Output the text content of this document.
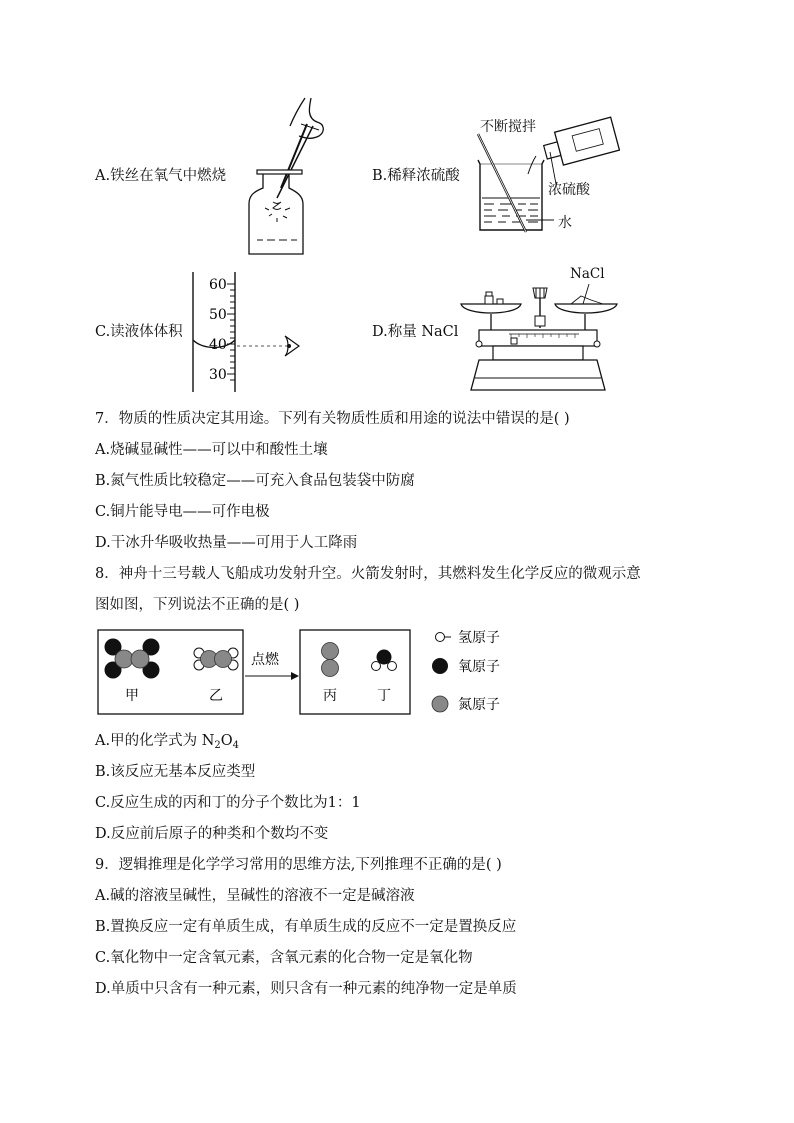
A.铁丝在氧气中燃烧	B.稀释浓硫酸
不断搅拌
浓硫酸
水
C.读液体体积
60
50
40
30
D.称量 NaCl
NaCl
7．物质的性质决定其用途。下列有关物质性质和用途的说法中错误的是( )
A.烧碱显碱性——可以中和酸性土壤
B.氮气性质比较稳定——可充入食品包装袋中防腐
C.铜片能导电——可作电极
D.干冰升华吸收热量——可用于人工降雨
8．神舟十三号载人飞船成功发射升空。火箭发射时，其燃料发生化学反应的微观示意
图如图，下列说法不正确的是( )
甲	乙
点燃
丙	丁
氢原子
氧原子
氮原子
A.甲的化学式为 $N_2O_4$
B.该反应无基本反应类型
C.反应生成的丙和丁的分子个数比为1：1
D.反应前后原子的种类和个数均不变
9．逻辑推理是化学学习常用的思维方法,下列推理不正确的是( )
A.碱的溶液呈碱性，呈碱性的溶液不一定是碱溶液
B.置换反应一定有单质生成，有单质生成的反应不一定是置换反应
C.氧化物中一定含氧元素，含氧元素的化合物一定是氧化物
D.单质中只含有一种元素，则只含有一种元素的纯净物一定是单质
